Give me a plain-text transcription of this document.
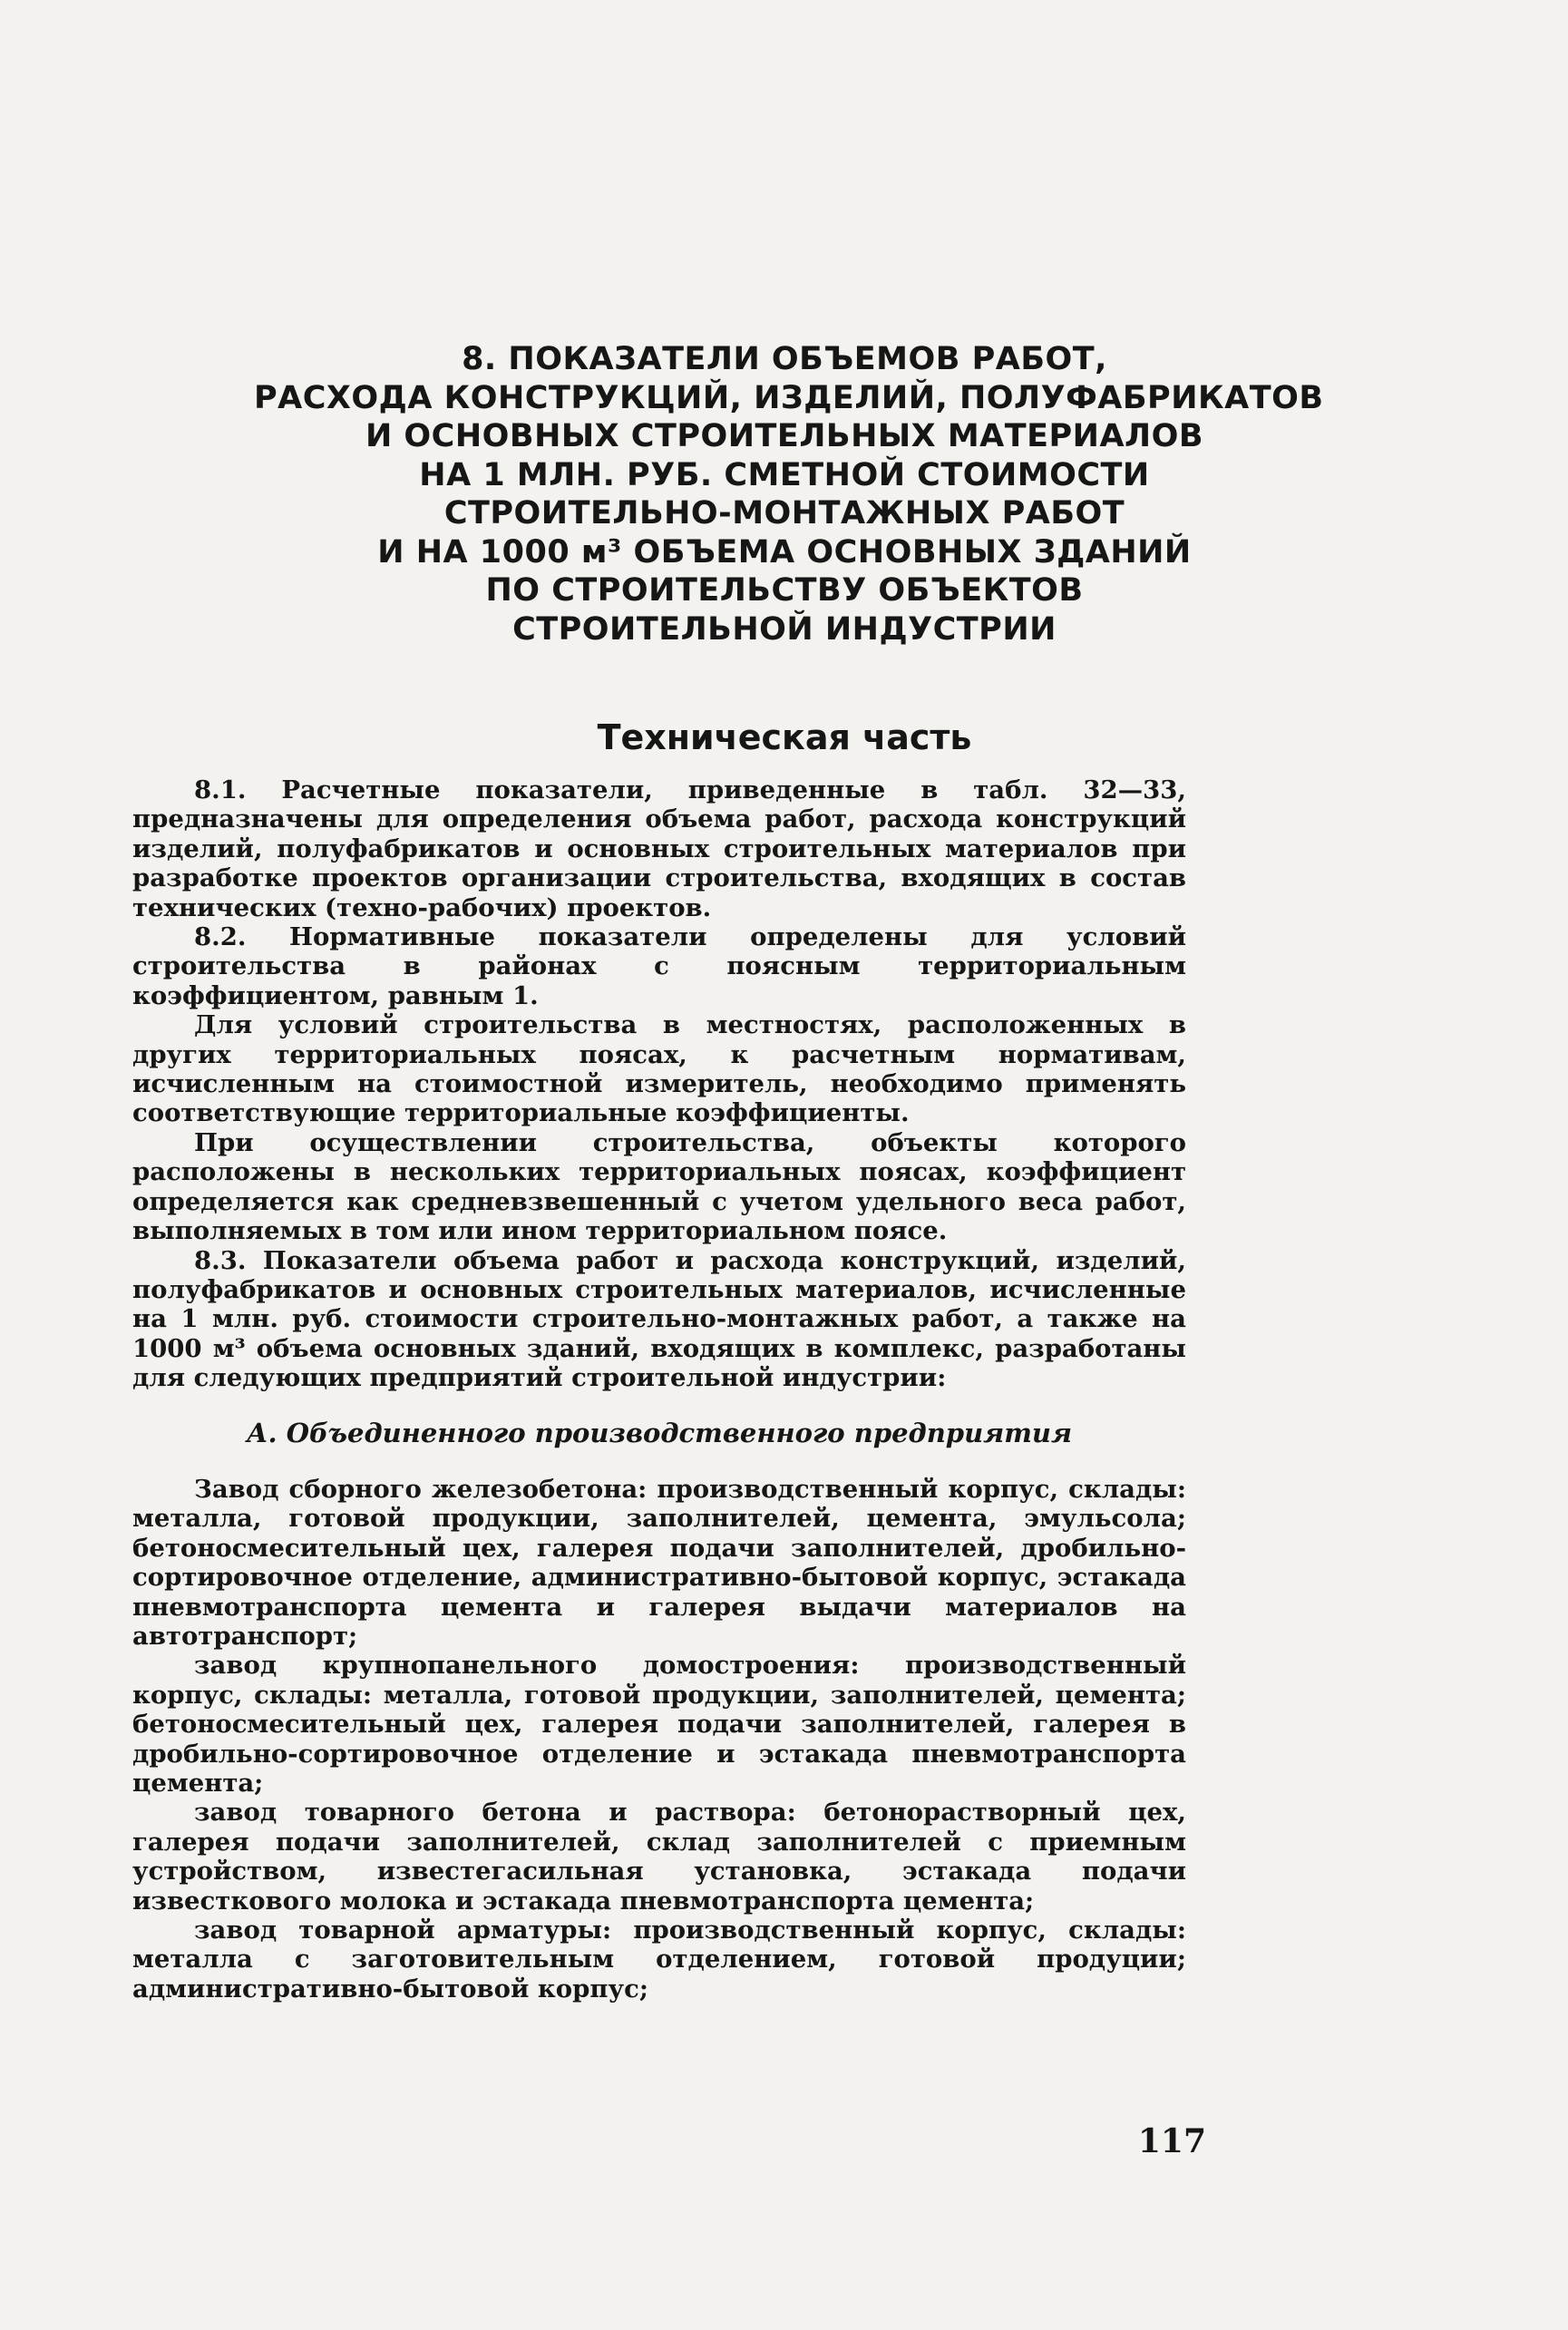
8. ПОКАЗАТЕЛИ ОБЪЕМОВ РАБОТ,
РАСХОДА КОНСТРУКЦИЙ, ИЗДЕЛИЙ, ПОЛУФАБРИКАТОВ
И ОСНОВНЫХ СТРОИТЕЛЬНЫХ МАТЕРИАЛОВ
НА 1 МЛН. РУБ. СМЕТНОЙ СТОИМОСТИ
СТРОИТЕЛЬНО-МОНТАЖНЫХ РАБОТ
И НА 1000 м³ ОБЪЕМА ОСНОВНЫХ ЗДАНИЙ
ПО СТРОИТЕЛЬСТВУ ОБЪЕКТОВ
СТРОИТЕЛЬНОЙ ИНДУСТРИИ
Техническая часть

8.1. Расчетные показатели, приведенные в табл. 32—33, предназначены для определения объема работ, расхода конструкций изделий, полуфабрикатов и основных строительных материалов при разработке проектов организации строительства, входящих в состав технических (техно-рабочих) проектов.

8.2. Нормативные показатели определены для условий строительства в районах с поясным территориальным коэффициентом, равным 1.

Для условий строительства в местностях, расположенных в других территориальных поясах, к расчетным нормативам, исчисленным на стоимостной измеритель, необходимо применять соответствующие территориальные коэффициенты.

При осуществлении строительства, объекты которого расположены в нескольких территориальных поясах, коэффициент определяется как средневзвешенный с учетом удельного веса работ, выполняемых в том или ином территориальном поясе.

8.3. Показатели объема работ и расхода конструкций, изделий, полуфабрикатов и основных строительных материалов, исчисленные на 1 млн. руб. стоимости строительно-монтажных работ, а также на 1000 м³ объема основных зданий, входящих в комплекс, разработаны для следующих предприятий строительной индустрии:

А. Объединенного производственного предприятия

Завод сборного железобетона: производственный корпус, склады: металла, готовой продукции, заполнителей, цемента, эмульсола; бетоносмесительный цех, галерея подачи заполнителей, дробильно-сортировочное отделение, административно-бытовой корпус, эстакада пневмотранспорта цемента и галерея выдачи материалов на автотранспорт;

завод крупнопанельного домостроения: производственный корпус, склады: металла, готовой продукции, заполнителей, цемента; бетоносмесительный цех, галерея подачи заполнителей, галерея в дробильно-сортировочное отделение и эстакада пневмотранспорта цемента;

завод товарного бетона и раствора: бетонорастворный цех, галерея подачи заполнителей, склад заполнителей с приемным устройством, известегасильная установка, эстакада подачи известкового молока и эстакада пневмотранспорта цемента;

завод товарной арматуры: производственный корпус, склады: металла с заготовительным отделением, готовой продуции; административно-бытовой корпус;

117
